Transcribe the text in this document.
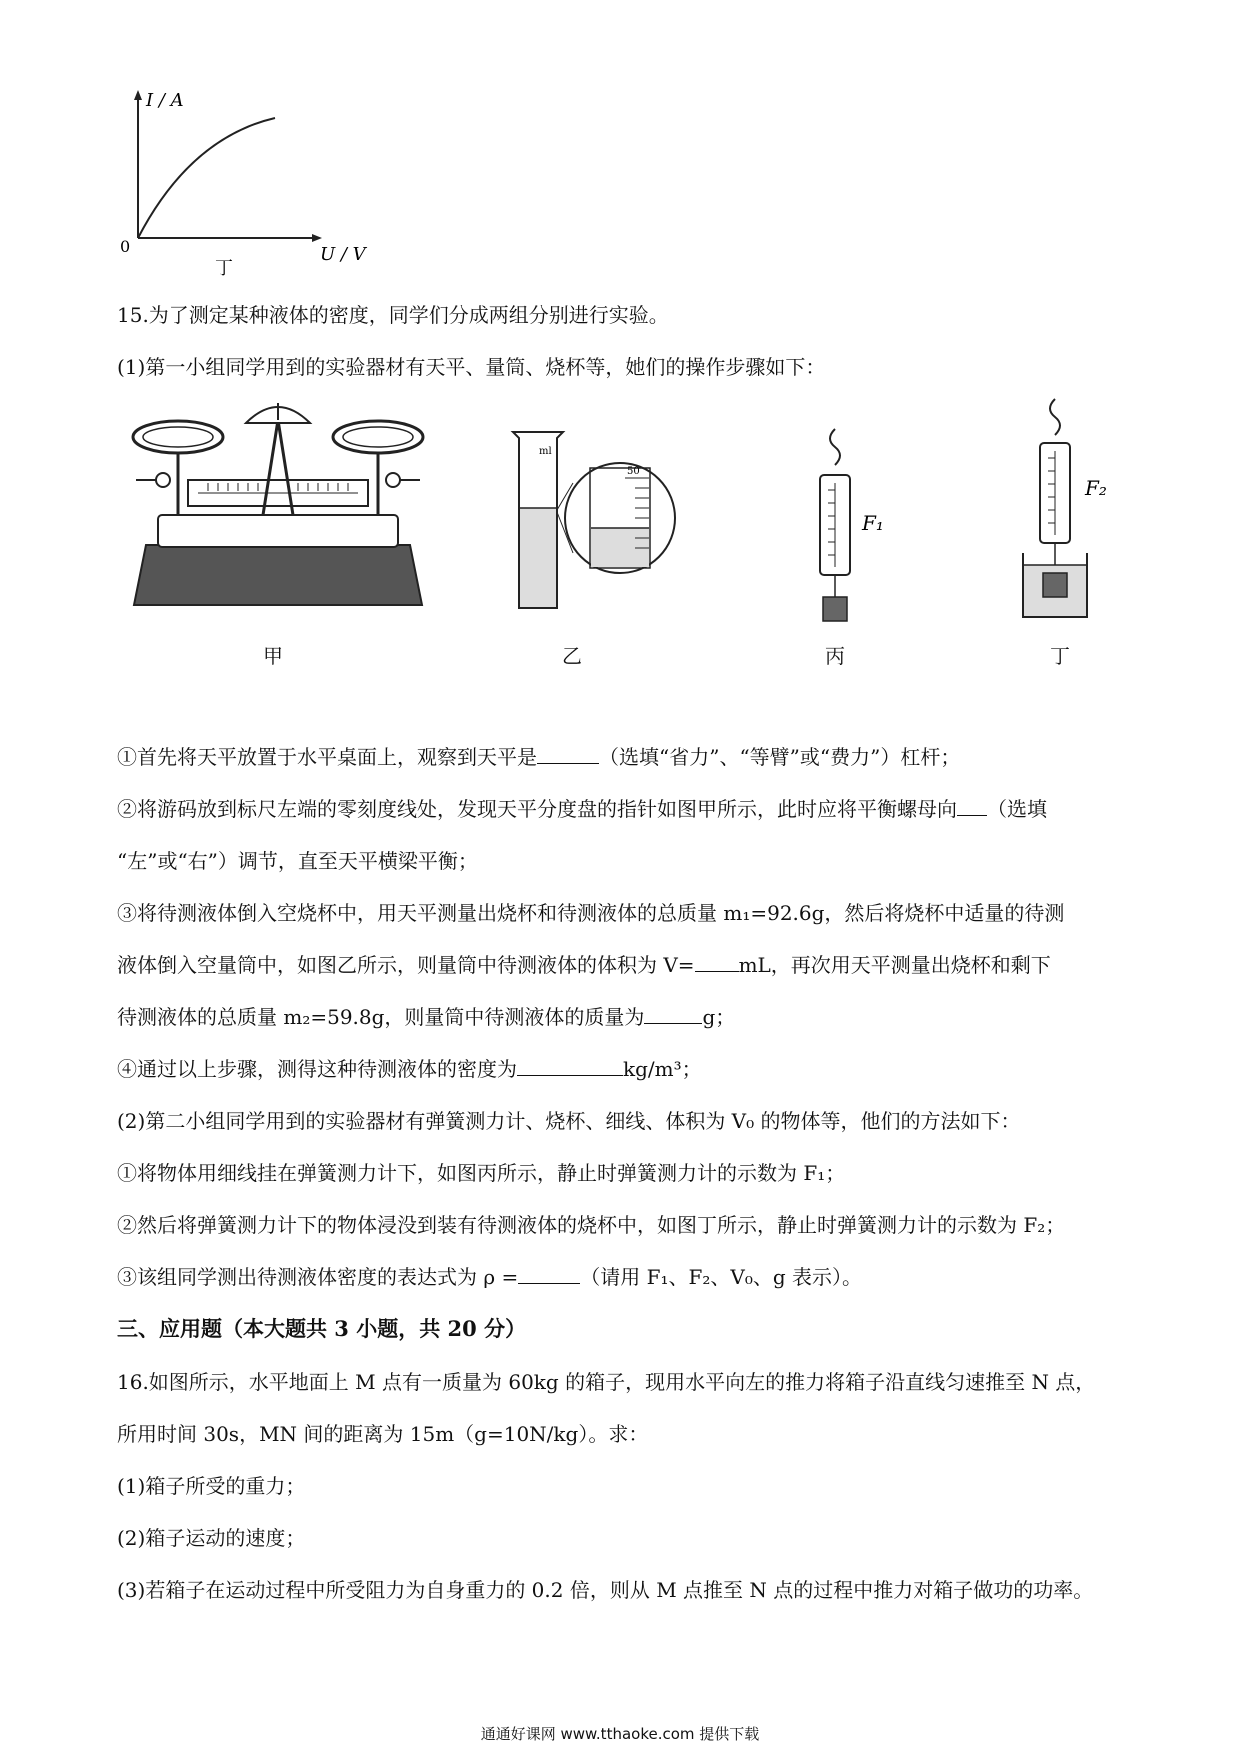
I / A
U / V
0
丁
15.为了测定某种液体的密度，同学们分成两组分别进行实验。
(1)第一小组同学用到的实验器材有天平、量筒、烧杯等，她们的操作步骤如下：
ml
50
F₁
F₂
甲	乙	丙	丁
①首先将天平放置于水平桌面上，观察到天平是	（选填“省力”、“等臂”或“费力”）杠杆；
②将游码放到标尺左端的零刻度线处，发现天平分度盘的指针如图甲所示，此时应将平衡螺母向 （选填
“左”或“右”）调节，直至天平横梁平衡；
③将待测液体倒入空烧杯中，用天平测量出烧杯和待测液体的总质量 m₁=92.6g，然后将烧杯中适量的待测
液体倒入空量筒中，如图乙所示，则量筒中待测液体的体积为 V= mL，再次用天平测量出烧杯和剩下
待测液体的总质量 m₂=59.8g，则量筒中待测液体的质量为	g；
④通过以上步骤，测得这种待测液体的密度为	kg/m³；
(2)第二小组同学用到的实验器材有弹簧测力计、烧杯、细线、体积为 V₀ 的物体等，他们的方法如下：
①将物体用细线挂在弹簧测力计下，如图丙所示，静止时弹簧测力计的示数为 F₁；
②然后将弹簧测力计下的物体浸没到装有待测液体的烧杯中，如图丁所示，静止时弹簧测力计的示数为 F₂；
③该组同学测出待测液体密度的表达式为 ρ =	（请用 F₁、F₂、V₀、g 表示）。
三、应用题（本大题共 3 小题，共 20 分）
16.如图所示，水平地面上 M 点有一质量为 60kg 的箱子，现用水平向左的推力将箱子沿直线匀速推至 N 点，
所用时间 30s，MN 间的距离为 15m（g=10N/kg）。求：
(1)箱子所受的重力；
(2)箱子运动的速度；
(3)若箱子在运动过程中所受阻力为自身重力的 0.2 倍，则从 M 点推至 N 点的过程中推力对箱子做功的功率。
通通好课网 www.tthaoke.com 提供下载
